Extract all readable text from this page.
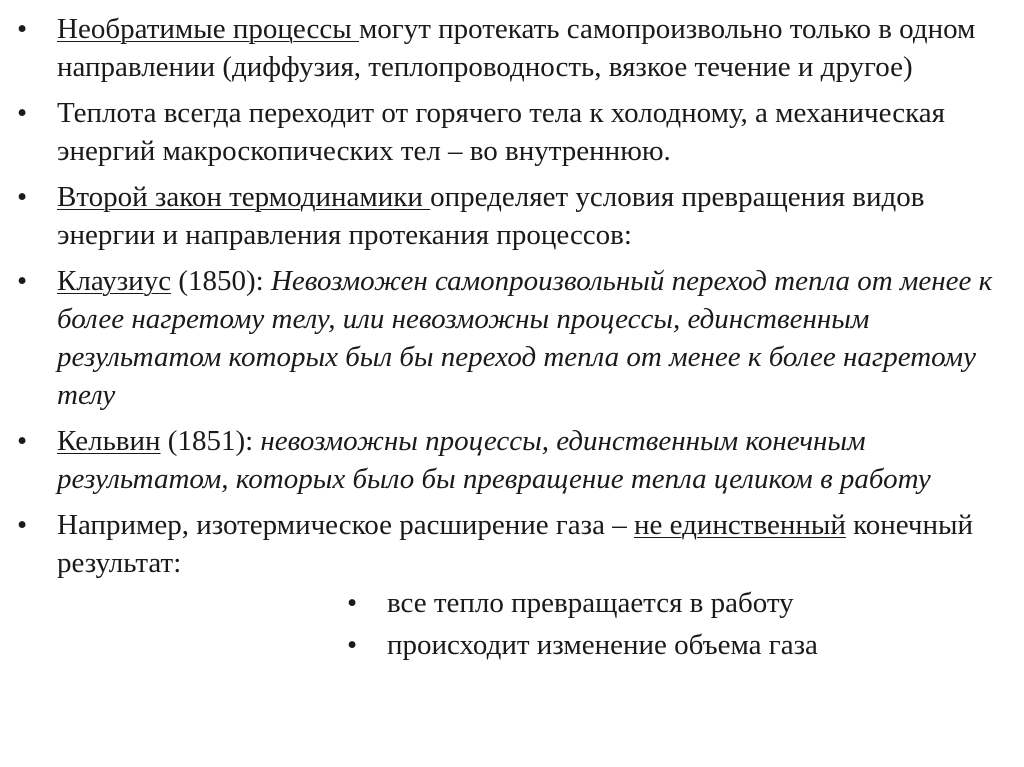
•	Необратимые процессы могут протекать самопроизвольно только в одном направлении (диффузия, теплопроводность, вязкое течение и другое)
•	Теплота всегда переходит от горячего тела к холодному, а механическая энергий макроскопических тел – во внутреннюю.
•	Второй закон термодинамики определяет условия превращения видов энергии и направления протекания процессов:
•	Клаузиус (1850): Невозможен самопроизвольный переход тепла от менее к более нагретому телу, или невозможны процессы, единственным результатом которых был бы переход тепла от менее к более нагретому телу
•	Кельвин (1851): невозможны процессы, единственным конечным результатом, которых было бы превращение тепла целиком в работу
•	Например, изотермическое расширение газа – не единственный конечный результат:
•	все тепло превращается в работу
•	происходит изменение объема газа
